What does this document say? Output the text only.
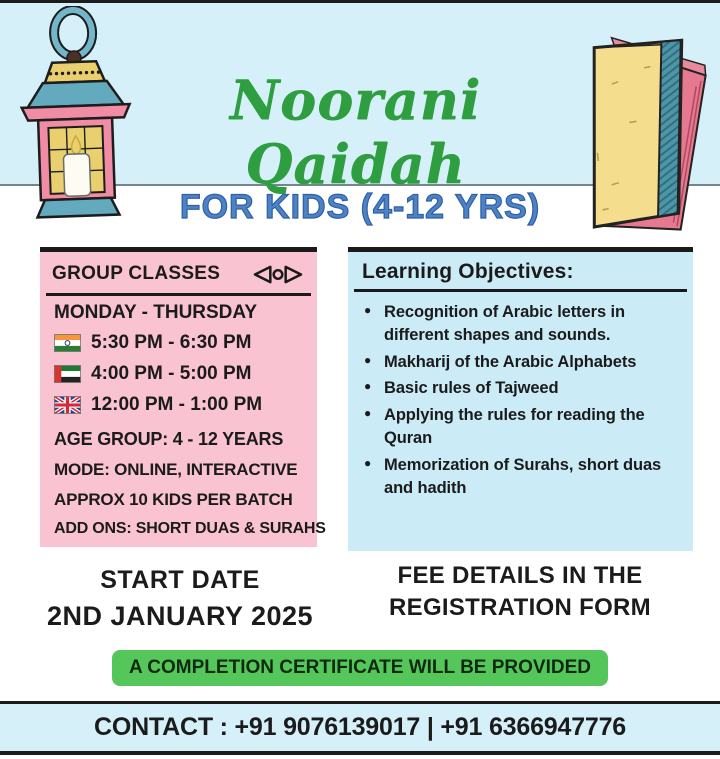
Noorani Qaidah
FOR KIDS (4-12 YRS)
GROUP CLASSES
MONDAY - THURSDAY
5:30 PM - 6:30 PM
4:00 PM - 5:00 PM
12:00 PM - 1:00 PM
AGE GROUP: 4 - 12 YEARS
MODE: ONLINE, INTERACTIVE
APPROX 10 KIDS PER BATCH
ADD ONS: SHORT DUAS & SURAHS
Learning Objectives:
● Recognition of Arabic letters in different shapes and sounds.
● Makharij of the Arabic Alphabets
● Basic rules of Tajweed
● Applying the rules for reading the Quran
● Memorization of Surahs, short duas and hadith
START DATE
2ND JANUARY 2025
FEE DETAILS IN THE
REGISTRATION FORM
A COMPLETION CERTIFICATE WILL BE PROVIDED
CONTACT : +91 9076139017 | +91 6366947776
